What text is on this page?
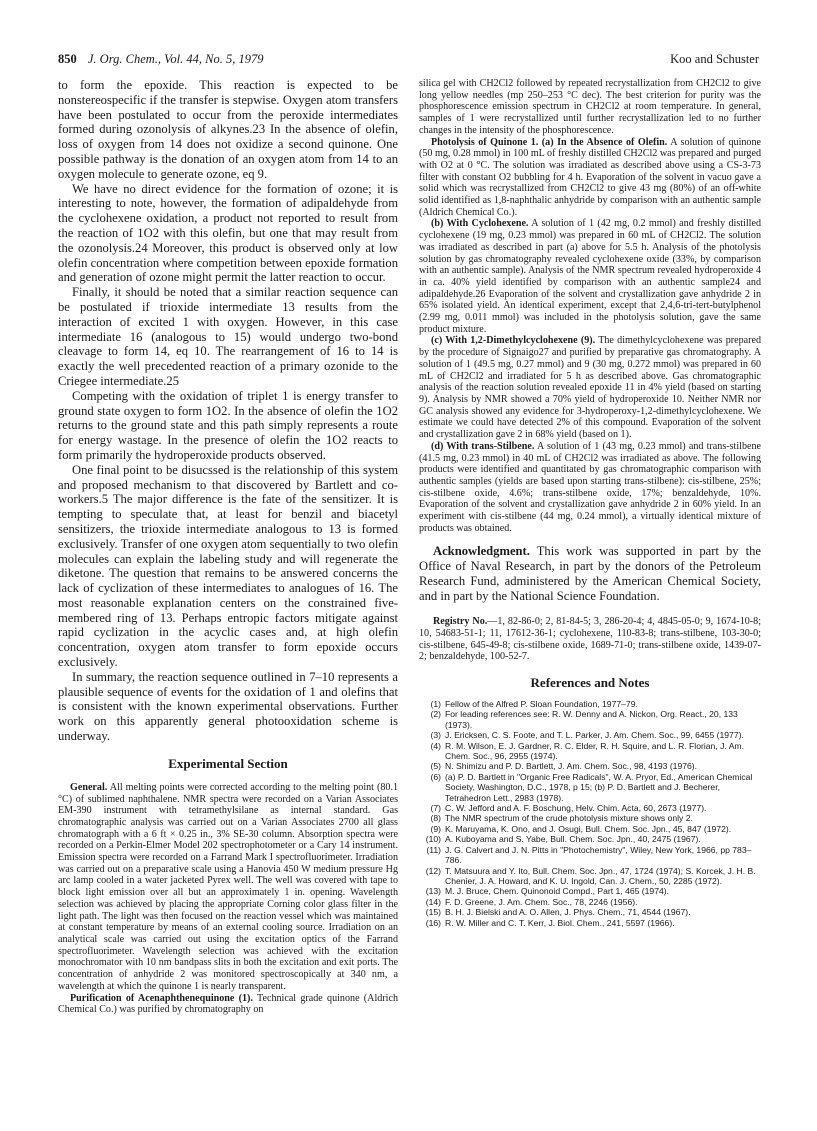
850 J. Org. Chem., Vol. 44, No. 5, 1979	Koo and Schuster

to form the epoxide. This reaction is expected to be nonstereospecific if the transfer is stepwise. Oxygen atom transfers have been postulated to occur from the peroxide intermediates formed during ozonolysis of alkynes.23 In the absence of olefin, loss of oxygen from 14 does not oxidize a second quinone. One possible pathway is the donation of an oxygen atom from 14 to an oxygen molecule to generate ozone, eq 9.

We have no direct evidence for the formation of ozone; it is interesting to note, however, the formation of adipaldehyde from the cyclohexene oxidation, a product not reported to result from the reaction of 1O2 with this olefin, but one that may result from the ozonolysis.24 Moreover, this product is observed only at low olefin concentration where competition between epoxide formation and generation of ozone might permit the latter reaction to occur.

Finally, it should be noted that a similar reaction sequence can be postulated if trioxide intermediate 13 results from the interaction of excited 1 with oxygen. However, in this case intermediate 16 (analogous to 15) would undergo two-bond cleavage to form 14, eq 10. The rearrangement of 16 to 14 is exactly the well precedented reaction of a primary ozonide to the Criegee intermediate.25

Competing with the oxidation of triplet 1 is energy transfer to ground state oxygen to form 1O2. In the absence of olefin the 1O2 returns to the ground state and this path simply represents a route for energy wastage. In the presence of olefin the 1O2 reacts to form primarily the hydroperoxide products observed.

One final point to be disucssed is the relationship of this system and proposed mechanism to that discovered by Bartlett and co-workers.5 The major difference is the fate of the sensitizer. It is tempting to speculate that, at least for benzil and biacetyl sensitizers, the trioxide intermediate analogous to 13 is formed exclusively. Transfer of one oxygen atom sequentially to two olefin molecules can explain the labeling study and will regenerate the diketone. The question that remains to be answered concerns the lack of cyclization of these intermediates to analogues of 16. The most reasonable explanation centers on the constrained five-membered ring of 13. Perhaps entropic factors mitigate against rapid cyclization in the acyclic cases and, at high olefin concentration, oxygen atom transfer to form epoxide occurs exclusively.

In summary, the reaction sequence outlined in 7–10 represents a plausible sequence of events for the oxidation of 1 and olefins that is consistent with the known experimental observations. Further work on this apparently general photooxidation scheme is underway.

Experimental Section

General. All melting points were corrected according to the melting point (80.1 °C) of sublimed naphthalene. NMR spectra were recorded on a Varian Associates EM-390 instrument with tetramethylsilane as internal standard. Gas chromatographic analysis was carried out on a Varian Associates 2700 all glass chromatograph with a 6 ft × 0.25 in., 3% SE-30 column. Absorption spectra were recorded on a Perkin-Elmer Model 202 spectrophotometer or a Cary 14 instrument. Emission spectra were recorded on a Farrand Mark I spectrofluorimeter. Irradiation was carried out on a preparative scale using a Hanovia 450 W medium pressure Hg arc lamp cooled in a water jacketed Pyrex well. The well was covered with tape to block light emission over all but an approximately 1 in. opening. Wavelength selection was achieved by placing the appropriate Corning color glass filter in the light path. The light was then focused on the reaction vessel which was maintained at constant temperature by means of an external cooling source. Irradiation on an analytical scale was carried out using the excitation optics of the Farrand spectrofluorimeter. Wavelength selection was achieved with the excitation monochromator with 10 nm bandpass slits in both the excitation and exit ports. The concentration of anhydride 2 was monitored spectroscopically at 340 nm, a wavelength at which the quinone 1 is nearly transparent.

Purification of Acenaphthenequinone (1). Technical grade quinone (Aldrich Chemical Co.) was purified by chromatography on

silica gel with CH2Cl2 followed by repeated recrystallization from CH2Cl2 to give long yellow needles (mp 250–253 °C dec). The best criterion for purity was the phosphorescence emission spectrum in CH2Cl2 at room temperature. In general, samples of 1 were recrystallized until further recrystallization led to no further changes in the intensity of the phosphorescence.

Photolysis of Quinone 1. (a) In the Absence of Olefin. A solution of quinone (50 mg, 0.28 mmol) in 100 mL of freshly distilled CH2Cl2 was prepared and purged with O2 at 0 °C. The solution was irradiated as described above using a CS-3-73 filter with constant O2 bubbling for 4 h. Evaporation of the solvent in vacuo gave a solid which was recrystallized from CH2Cl2 to give 43 mg (80%) of an off-white solid identified as 1,8-naphthalic anhydride by comparison with an authentic sample (Aldrich Chemical Co.).

(b) With Cyclohexene. A solution of 1 (42 mg, 0.2 mmol) and freshly distilled cyclohexene (19 mg, 0.23 mmol) was prepared in 60 mL of CH2Cl2. The solution was irradiated as described in part (a) above for 5.5 h. Analysis of the photolysis solution by gas chromatography revealed cyclohexene oxide (33%, by comparison with an authentic sample). Analysis of the NMR spectrum revealed hydroperoxide 4 in ca. 40% yield identified by comparison with an authentic sample24 and adipaldehyde.26 Evaporation of the solvent and crystallization gave anhydride 2 in 65% isolated yield. An identical experiment, except that 2,4,6-tri-tert-butylphenol (2.99 mg, 0.011 mmol) was included in the photolysis solution, gave the same product mixture.

(c) With 1,2-Dimethylcyclohexene (9). The dimethylcyclohexene was prepared by the procedure of Signaigo27 and purified by preparative gas chromatography. A solution of 1 (49.5 mg, 0.27 mmol) and 9 (30 mg, 0.272 mmol) was prepared in 60 mL of CH2Cl2 and irradiated for 5 h as described above. Gas chromatographic analysis of the reaction solution revealed epoxide 11 in 4% yield (based on starting 9). Analysis by NMR showed a 70% yield of hydroperoxide 10. Neither NMR nor GC analysis showed any evidence for 3-hydroperoxy-1,2-dimethylcyclohexene. We estimate we could have detected 2% of this compound. Evaporation of the solvent and crystallization gave 2 in 68% yield (based on 1).

(d) With trans-Stilbene. A solution of 1 (43 mg, 0.23 mmol) and trans-stilbene (41.5 mg, 0.23 mmol) in 40 mL of CH2Cl2 was irradiated as above. The following products were identified and quantitated by gas chromatographic comparison with authentic samples (yields are based upon starting trans-stilbene): cis-stilbene, 25%; cis-stilbene oxide, 4.6%; trans-stilbene oxide, 17%; benzaldehyde, 10%. Evaporation of the solvent and crystallization gave anhydride 2 in 60% yield. In an experiment with cis-stilbene (44 mg, 0.24 mmol), a virtually identical mixture of products was obtained.

Acknowledgment. This work was supported in part by the Office of Naval Research, in part by the donors of the Petroleum Research Fund, administered by the American Chemical Society, and in part by the National Science Foundation.

Registry No.—1, 82-86-0; 2, 81-84-5; 3, 286-20-4; 4, 4845-05-0; 9, 1674-10-8; 10, 54683-51-1; 11, 17612-36-1; cyclohexene, 110-83-8; trans-stilbene, 103-30-0; cis-stilbene, 645-49-8; cis-stilbene oxide, 1689-71-0; trans-stilbene oxide, 1439-07-2; benzaldehyde, 100-52-7.

References and Notes
(1) Fellow of the Alfred P. Sloan Foundation, 1977–79.
(2) For leading references see: R. W. Denny and A. Nickon, Org. React., 20, 133 (1973).
(3) J. Ericksen, C. S. Foote, and T. L. Parker, J. Am. Chem. Soc., 99, 6455 (1977).
(4) R. M. Wilson, E. J. Gardner, R. C. Elder, R. H. Squire, and L. R. Florian, J. Am. Chem. Soc., 96, 2955 (1974).
(5) N. Shimizu and P. D. Bartlett, J. Am. Chem. Soc., 98, 4193 (1976).
(6) (a) P. D. Bartlett in "Organic Free Radicals", W. A. Pryor, Ed., American Chemical Society, Washington, D.C., 1978, p 15; (b) P. D. Bartlett and J. Becherer, Tetrahedron Lett., 2983 (1978).
(7) C. W. Jefford and A. F. Boschung, Helv. Chim. Acta, 60, 2673 (1977).
(8) The NMR spectrum of the crude photolysis mixture shows only 2.
(9) K. Maruyama, K. Ono, and J. Osugi, Bull. Chem. Soc. Jpn., 45, 847 (1972).
(10) A. Kuboyama and S. Yabe, Bull. Chem. Soc. Jpn., 40, 2475 (1967).
(11) J. G. Calvert and J. N. Pitts in "Photochemistry", Wiley, New York, 1966, pp 783–786.
(12) T. Matsuura and Y. Ito, Bull. Chem. Soc. Jpn., 47, 1724 (1974); S. Korcek, J. H. B. Chenier, J. A. Howard, and K. U. Ingold, Can. J. Chem., 50, 2285 (1972).
(13) M. J. Bruce, Chem. Quinonoid Compd., Part 1, 465 (1974).
(14) F. D. Greene, J. Am. Chem. Soc., 78, 2246 (1956).
(15) B. H. J. Bielski and A. O. Allen, J. Phys. Chem., 71, 4544 (1967).
(16) R. W. Miller and C. T. Kerr, J. Biol. Chem., 241, 5597 (1966).
